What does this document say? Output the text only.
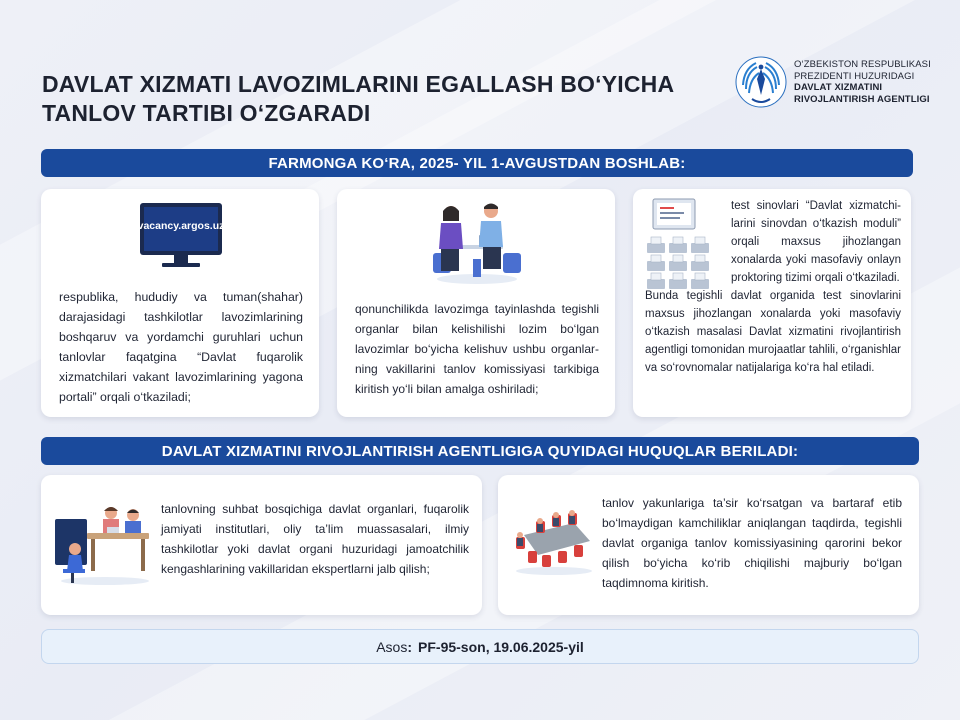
DAVLAT XIZMATI LAVOZIMLARINI EGALLASH BO‘YICHA TANLOV TARTIBI O‘ZGARADI
O‘ZBEKISTON RESPUBLIKASI
PREZIDENTI HUZURIDAGI
DAVLAT XIZMATINI
RIVOJLANTIRISH AGENTLIGI
FARMONGA KO‘RA, 2025- YIL 1-AVGUSTDAN BOSHLAB:
vacancy.argos.uz
respublika, hududiy va tuman(shahar) darajasidagi tashkilotlar lavozimlarining boshqaruv va yordamchi guruhlari uchun tanlovlar faqatgina “Davlat fuqarolik xizmatchilari vakant lavozimlarining yagona portali” orqali o‘tkaziladi;
qonunchilikda lavozimga tayinlashda tegishli organlar bilan kelishilishi lozim bo‘lgan lavozimlar bo‘yicha kelishuv ushbu organlar-ning vakillarini tanlov komissiyasi tarkibiga kiritish yo‘li bilan amalga oshiriladi;
test sinovlari “Davlat xizmatchi-larini sinovdan o‘tkazish moduli” orqali maxsus jihozlangan xonalarda yoki masofaviy onlayn proktoring tizimi orqali o‘tkaziladi.
Bunda tegishli davlat organida test sinovlarini maxsus jihozlangan xonalarda yoki masofaviy o‘tkazish masalasi Davlat xizmatini rivojlantirish agentligi tomonidan murojaatlar tahlili, o‘rganishlar va so‘rovnomalar natijalariga ko‘ra hal etiladi.
DAVLAT XIZMATINI RIVOJLANTIRISH AGENTLIGIGA QUYIDAGI HUQUQLAR BERILADI:
tanlovning suhbat bosqichiga davlat organlari, fuqarolik jamiyati institutlari, oliy ta’lim muassasalari, ilmiy tashkilotlar yoki davlat organi huzuridagi jamoatchilik kengashlarining vakillaridan ekspertlarni jalb qilish;
tanlov yakunlariga ta’sir ko‘rsatgan va bartaraf etib bo‘lmaydigan kamchiliklar aniqlangan taqdirda, tegishli davlat organiga tanlov komissiyasining qarorini bekor qilish bo‘yicha ko‘rib chiqilishi majburiy bo‘lgan taqdimnoma kiritish.
Asos : PF-95-son, 19.06.2025-yil
